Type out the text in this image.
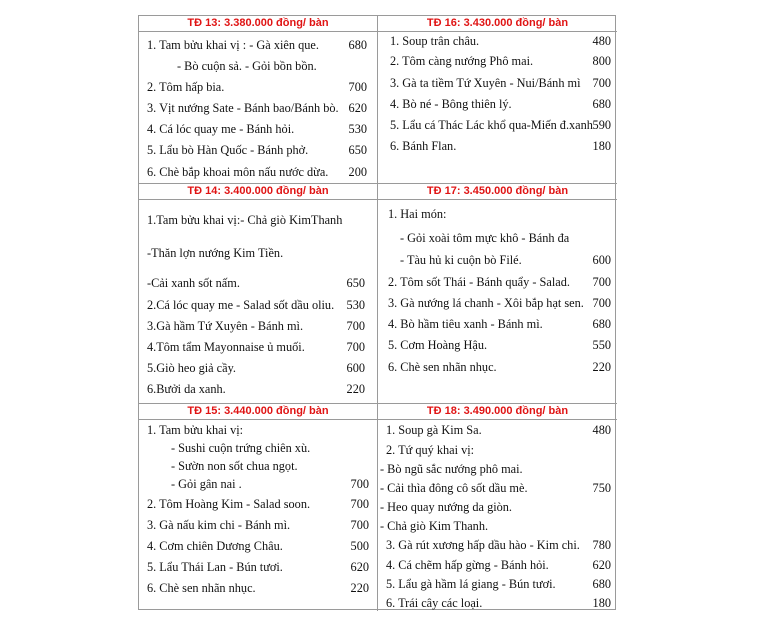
TĐ 13: 3.380.000 đồng/ bàn
1. Tam bửu khai vị : - Gà xiên que. 680
- Bò cuộn sả. - Gỏi bồn bồn.
2. Tôm hấp bia.	700
3. Vịt nướng Sate - Bánh bao/Bánh bò. 620
4. Cá lóc quay me - Bánh hỏi.	530
5. Lẩu bò Hàn Quốc - Bánh phở.	650
6. Chè bắp khoai môn nấu nước dừa. 200
TĐ 16: 3.430.000 đồng/ bàn
1. Soup trân châu.	480
2. Tôm càng nướng Phô mai.	800
3. Gà ta tiềm Tứ Xuyên - Nui/Bánh mì 700
4. Bò né - Bông thiên lý.	680
5. Lẩu cá Thác Lác khổ qua-Miến đ.xanh 590
6. Bánh Flan.	180
TĐ 14: 3.400.000 đồng/ bàn
1.Tam bửu khai vị:- Chả giò KimThanh
-Thăn lợn nướng Kim Tiền.
-Cải xanh sốt nấm.	650
2.Cá lóc quay me - Salad sốt dầu oliu. 530
3.Gà hầm Tứ Xuyên - Bánh mì.	700
4.Tôm tẩm Mayonnaise ủ muối.	700
5.Giò heo giả cầy.	600
6.Bưởi da xanh.	220
TĐ 17: 3.450.000 đồng/ bàn
1. Hai món:
- Gỏi xoài tôm mực khô - Bánh đa
- Tàu hủ ki cuộn bò Filé.	600
2. Tôm sốt Thái - Bánh quẩy - Salad. 700
3. Gà nướng lá chanh - Xôi bắp hạt sen. 700
4. Bò hầm tiêu xanh - Bánh mì.	680
5. Cơm Hoàng Hậu.	550
6. Chè sen nhãn nhục.	220
TĐ 15: 3.440.000 đồng/ bàn
1. Tam bửu khai vị:
- Sushi cuộn trứng chiên xù.
- Sườn non sốt chua ngọt.
- Gỏi gân nai .	700
2. Tôm Hoàng Kim - Salad soon.	700
3. Gà nấu kim chi - Bánh mì.	700
4. Cơm chiên Dương Châu.	500
5. Lẩu Thái Lan - Bún tươi.	620
6. Chè sen nhãn nhục.	220
TĐ 18: 3.490.000 đồng/ bàn
1. Soup gà Kim Sa.	480
2. Tứ quý khai vị:
- Bò ngũ sắc nướng phô mai.
- Cải thìa đông cô sốt dầu mè.	750
- Heo quay nướng da giòn.
- Chả giò Kim Thanh.
3. Gà rút xương hấp dầu hào - Kim chi. 780
4. Cá chẽm hấp gừng - Bánh hỏi.	620
5. Lẩu gà hầm lá giang - Bún tươi.	680
6. Trái cây các loại.	180
